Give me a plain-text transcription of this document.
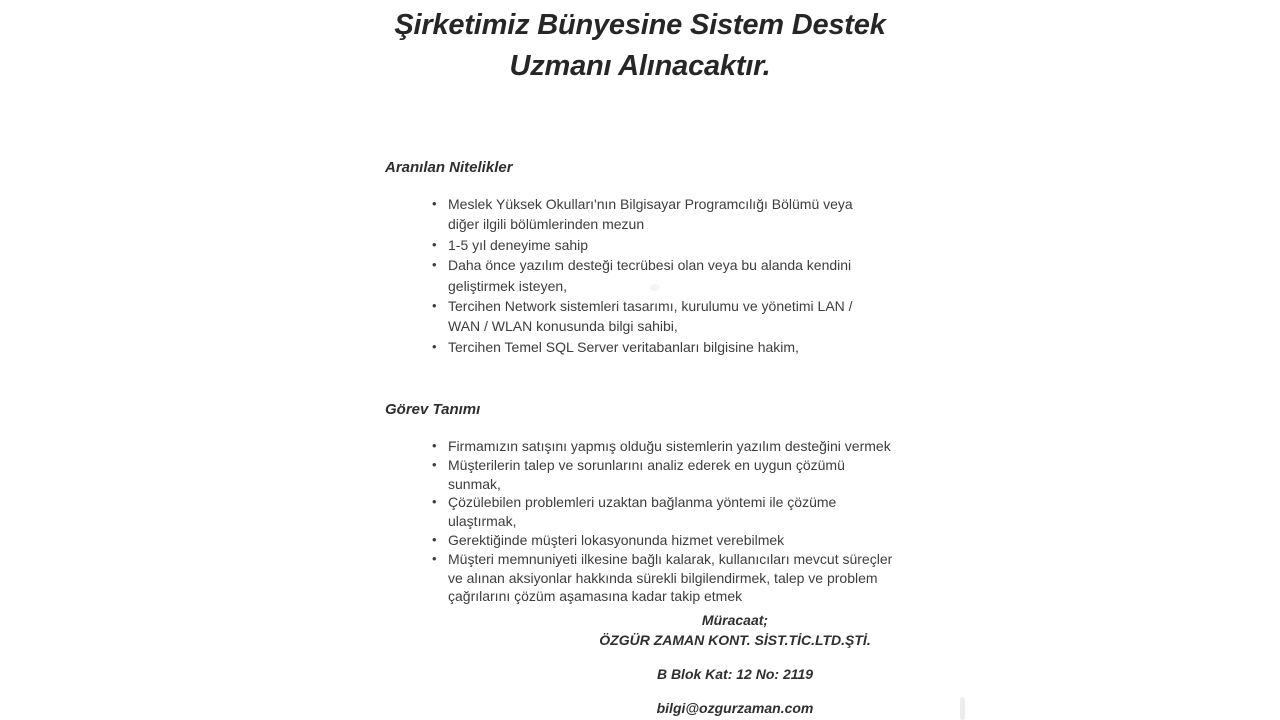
Şirketimiz Bünyesine Sistem Destek
Uzmanı Alınacaktır.
Aranılan Nitelikler
• Meslek Yüksek Okulları'nın Bilgisayar Programcılığı Bölümü veya diğer ilgili bölümlerinden mezun
• 1-5 yıl deneyime sahip
• Daha önce yazılım desteği tecrübesi olan veya bu alanda kendini geliştirmek isteyen,
• Tercihen Network sistemleri tasarımı, kurulumu ve yönetimi LAN / WAN / WLAN konusunda bilgi sahibi,
• Tercihen Temel SQL Server veritabanları bilgisine hakim,
Görev Tanımı
• Firmamızın satışını yapmış olduğu sistemlerin yazılım desteğini vermek
• Müşterilerin talep ve sorunlarını analiz ederek en uygun çözümü sunmak,
• Çözülebilen problemleri uzaktan bağlanma yöntemi ile çözüme ulaştırmak,
• Gerektiğinde müşteri lokasyonunda hizmet verebilmek
• Müşteri memnuniyeti ilkesine bağlı kalarak, kullanıcıları mevcut süreçler ve alınan aksiyonlar hakkında sürekli bilgilendirmek, talep ve problem çağrılarını çözüm aşamasına kadar takip etmek

Müracaat;

ÖZGÜR ZAMAN KONT. SİST.TİC.LTD.ŞTİ.

B Blok Kat: 12 No: 2119

bilgi@ozgurzaman.com
